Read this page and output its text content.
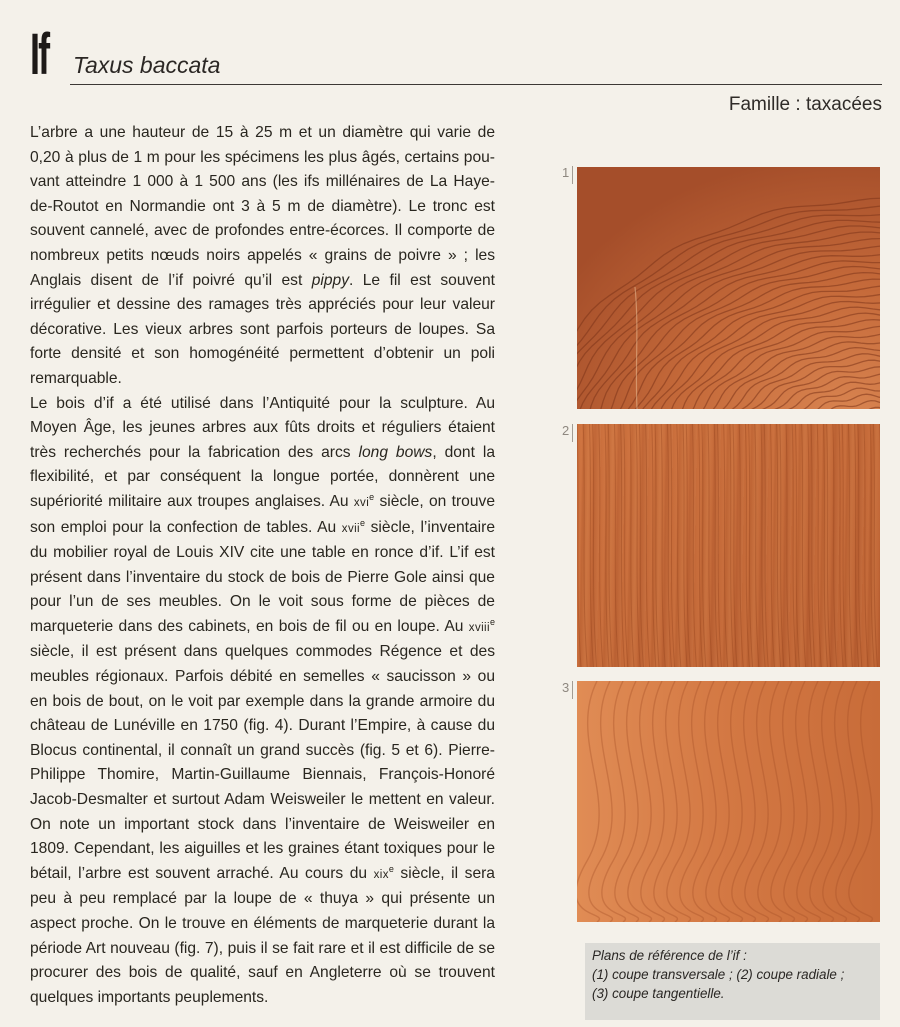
If Taxus baccata
Famille : taxacées

L’arbre a une hauteur de 15 à 25 m et un diamètre qui varie de 0,20 à plus de 1 m pour les spécimens les plus âgés, certains pou- vant atteindre 1 000 à 1 500 ans (les ifs millénaires de La Haye- de-Routot en Normandie ont 3 à 5 m de diamètre). Le tronc est souvent cannelé, avec de profondes entre-écorces. Il comporte de nombreux petits nœuds noirs appelés « grains de poivre » ; les Anglais disent de l’if poivré qu’il est pippy. Le fil est souvent irrégulier et dessine des ramages très appréciés pour leur valeur décorative. Les vieux arbres sont parfois porteurs de loupes. Sa forte densité et son homogénéité permettent d’obtenir un poli remarquable.

Le bois d’if a été utilisé dans l’Antiquité pour la sculpture. Au Moyen Âge, les jeunes arbres aux fûts droits et réguliers étaient très recherchés pour la fabrication des arcs long bows, dont la flexibilité, et par conséquent la longue portée, donnèrent une supériorité militaire aux troupes anglaises. Au xvi$^e$ siècle, on trouve son emploi pour la confection de tables. Au xvii$^e$ siècle, l’inventaire du mobilier royal de Louis XIV cite une table en ronce d’if. L’if est présent dans l’inventaire du stock de bois de Pierre Gole ainsi que pour l’un de ses meubles. On le voit sous forme de pièces de marqueterie dans des cabinets, en bois de fil ou en loupe. Au xviii$^e$ siècle, il est présent dans quelques commodes Régence et des meubles régionaux. Parfois débité en semelles « saucisson » ou en bois de bout, on le voit par exemple dans la grande armoire du château de Lunéville en 1750 (fig. 4). Durant l’Empire, à cause du Blocus continental, il connaît un grand succès (fig. 5 et 6). Pierre-Philippe Thomire, Martin-Guillaume Biennais, François-Honoré Jacob-Desmalter et surtout Adam Weisweiler le mettent en valeur. On note un important stock dans l’inventaire de Weisweiler en 1809. Cependant, les aiguilles et les graines étant toxiques pour le bétail, l’arbre est souvent arraché. Au cours du xix$^e$ siècle, il sera peu à peu remplacé par la loupe de « thuya » qui présente un aspect proche. On le trouve en éléments de marqueterie durant la période Art nouveau (fig. 7), puis il se fait rare et il est difficile de se procurer des bois de qualité, sauf en Angleterre où se trouvent quelques importants peuplements.

1
2
3
Plans de référence de l’if :
(1) coupe transversale ; (2) coupe radiale ;
(3) coupe tangentielle.
